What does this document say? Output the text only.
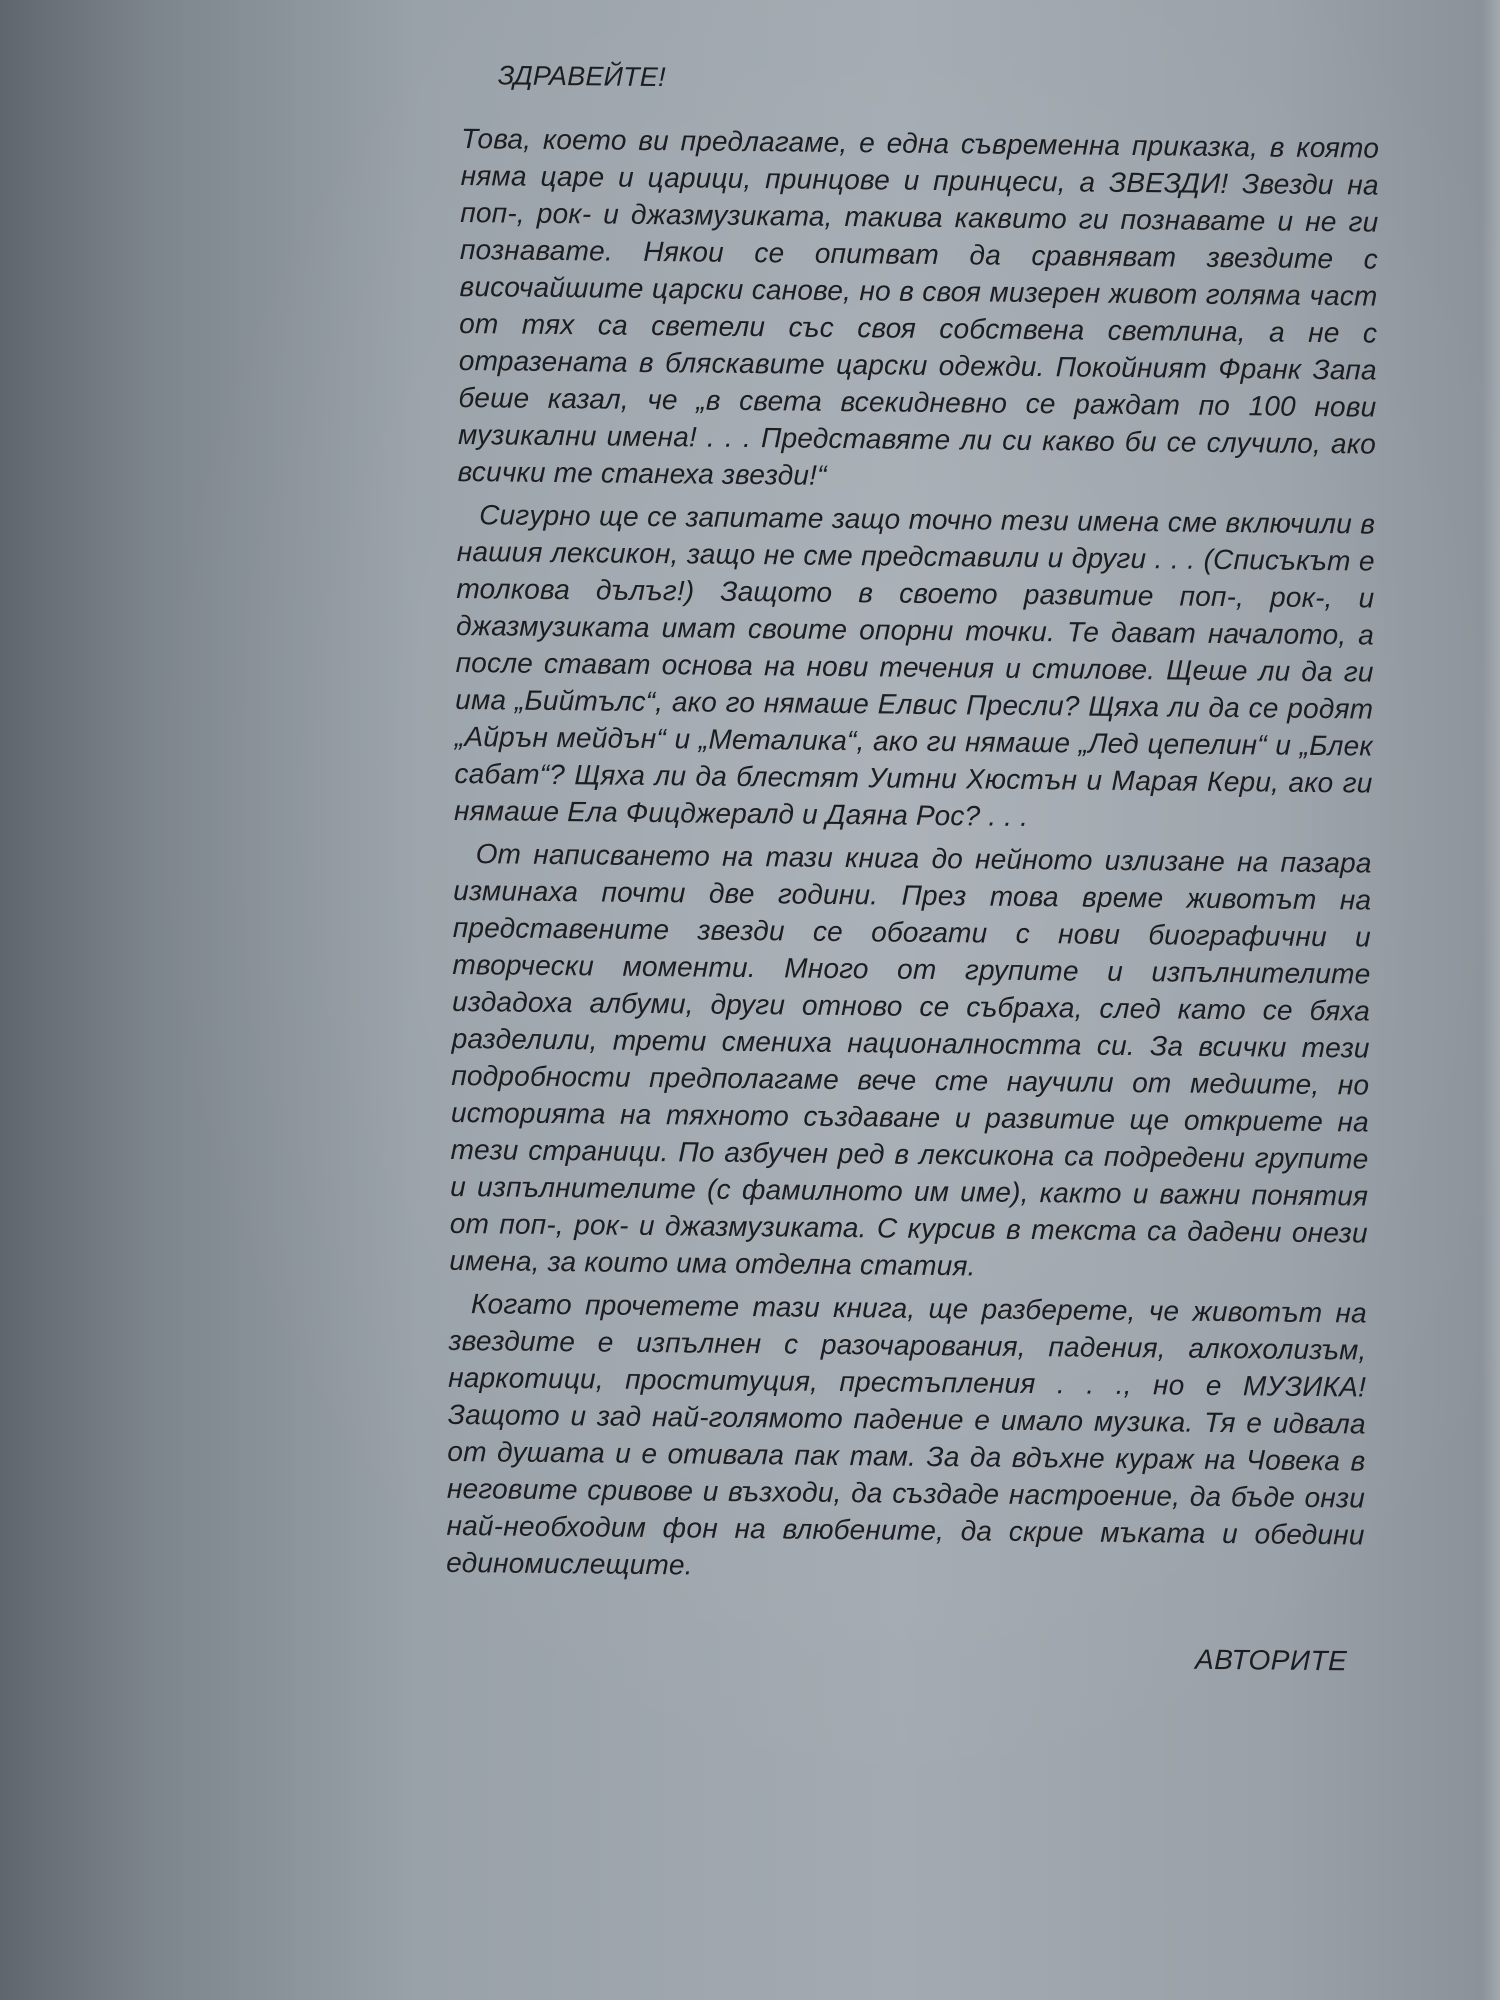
ЗДРАВЕЙТЕ!

Това, което ви предлагаме, е една съвременна приказка, в която няма царе и царици, принцове и принцеси, а ЗВЕЗДИ! Звезди на поп-, рок- и джазмузиката, такива каквито ги познавате и не ги познавате. Някои се опитват да сравняват звездите с височайшите царски санове, но в своя мизерен живот голяма част от тях са светели със своя собствена светлина, а не с отразената в бляскавите царски одежди. Покойният Франк Запа беше казал, че „в света всекидневно се раждат по 100 нови музикални имена! . . . Представяте ли си какво би се случило, ако всички те станеха звезди!“

Сигурно ще се запитате защо точно тези имена сме включили в нашия лексикон, защо не сме представили и други . . . (Списъкът е толкова дълъг!) Защото в своето развитие поп-, рок-, и джазмузиката имат своите опорни точки. Те дават началото, а после стават основа на нови течения и стилове. Щеше ли да ги има „Бийтълс“, ако го нямаше Елвис Пресли? Щяха ли да се родят „Айрън мейдън“ и „Металика“, ако ги нямаше „Лед цепелин“ и „Блек сабат“? Щяха ли да блестят Уитни Хюстън и Марая Кери, ако ги нямаше Ела Фицджералд и Даяна Рос? . . .

От написването на тази книга до нейното излизане на пазара изминаха почти две години. През това време животът на представените звезди се обогати с нови биографични и творчески моменти. Много от групите и изпълнителите издадоха албуми, други отново се събраха, след като се бяха разделили, трети смениха националността си. За всички тези подробности предполагаме вече сте научили от медиите, но историята на тяхното създаване и развитие ще откриете на тези страници. По азбучен ред в лексикона са подредени групите и изпълнителите (с фамилното им име), както и важни понятия от поп-, рок- и джазмузиката. С курсив в текста са дадени онези имена, за които има отделна статия.

Когато прочетете тази книга, ще разберете, че животът на звездите е изпълнен с разочарования, падения, алкохолизъм, наркотици, проституция, престъпления . . ., но е МУЗИКА! Защото и зад най-голямото падение е имало музика. Тя е идвала от душата и е отивала пак там. За да вдъхне кураж на Човека в неговите сривове и възходи, да създаде настроение, да бъде онзи най-необходим фон на влюбените, да скрие мъката и обедини единомислещите.

АВТОРИТЕ
